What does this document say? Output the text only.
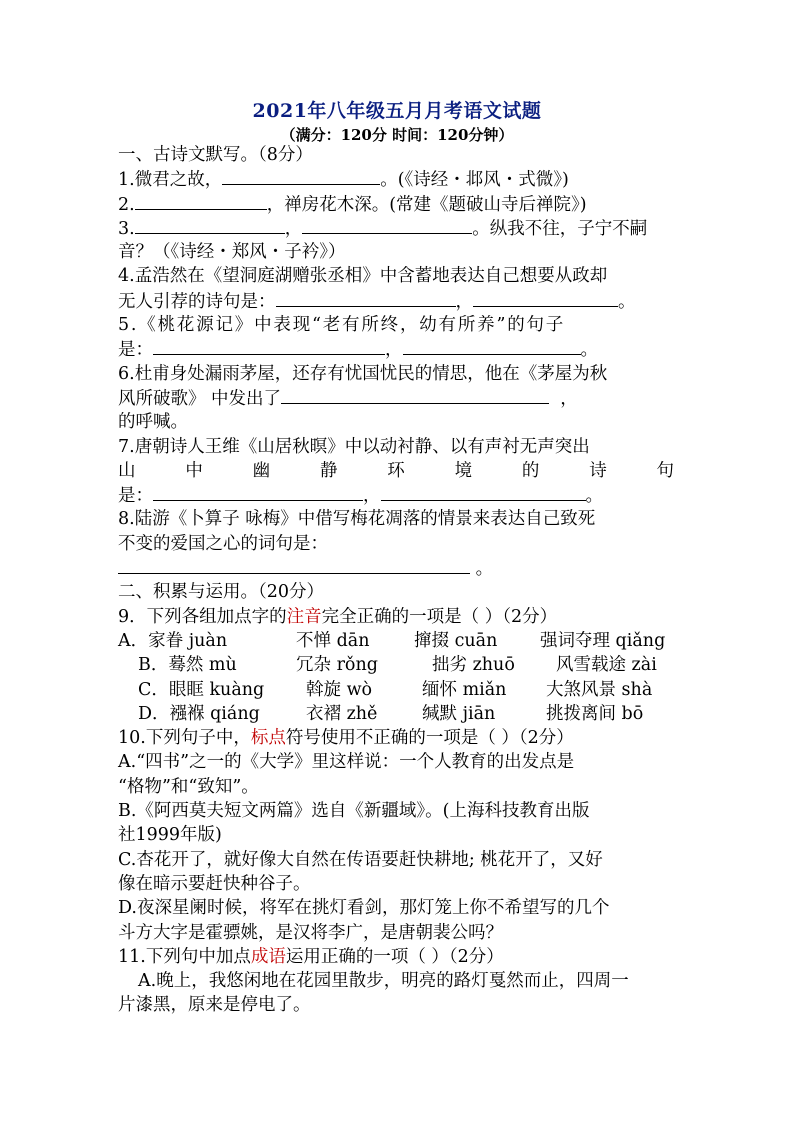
2021年八年级五月月考语文试题
（满分：120分 时间：120分钟）
一、古诗文默写。（8分）
1.微君之故，	。(《诗经・邶风・式微》)
2.	，禅房花木深。(常建《题破山寺后禅院》)
3.	，	。纵我不往，子宁不嗣
音？（《诗经・郑风・子衿》）
4.孟浩然在《望洞庭湖赠张丞相》中含蓄地表达自己想要从政却
无人引荐的诗句是：	，	。
5.《桃花源记》中表现“老有所终，幼有所养”的句子
是：	，	。
6.杜甫身处漏雨茅屋，还存有忧国忧民的情思，他在《茅屋为秋
风所破歌》 中发出了	，
的呼喊。
7.唐朝诗人王维《山居秋暝》中以动衬静、以有声衬无声突出
山	中	幽	静	环	境	的	诗	句
是：	，	。
8.陆游《卜算子 咏梅》中借写梅花凋落的情景来表达自己致死
不变的爱国之心的词句是：
。
二、积累与运用。（20分）
9．下列各组加点字的注音完全正确的一项是（ ）（2分）
A．家眷 juàn	不惮 dān	撺掇 cuān	强词夺理 qiǎng
B．蓦然 mù	冗杂 rǒng	拙劣 zhuō	风雪载途 zài
C．眼眶 kuàng	斡旋 wò	缅怀 miǎn	大煞风景 shà
D．襁褓 qiáng	衣褶 zhě	缄默 jiān	挑拨离间 bō
10.下列句子中，标点符号使用不正确的一项是（ ）（2分）
A.“四书”之一的《大学》里这样说：一个人教育的出发点是
“格物”和“致知”。
B.《阿西莫夫短文两篇》选自《新疆域》。(上海科技教育出版
社1999年版)
C.杏花开了，就好像大自然在传语要赶快耕地; 桃花开了，又好
像在暗示要赶快种谷子。
D.夜深星阑时候，将军在挑灯看剑，那灯笼上你不希望写的几个
斗方大字是霍骠姚，是汉将李广，是唐朝裴公吗？
11.下列句中加点成语运用正确的一项（ ）（2分）
A.晚上，我悠闲地在花园里散步，明亮的路灯戛然而止，四周一
片漆黑，原来是停电了。
